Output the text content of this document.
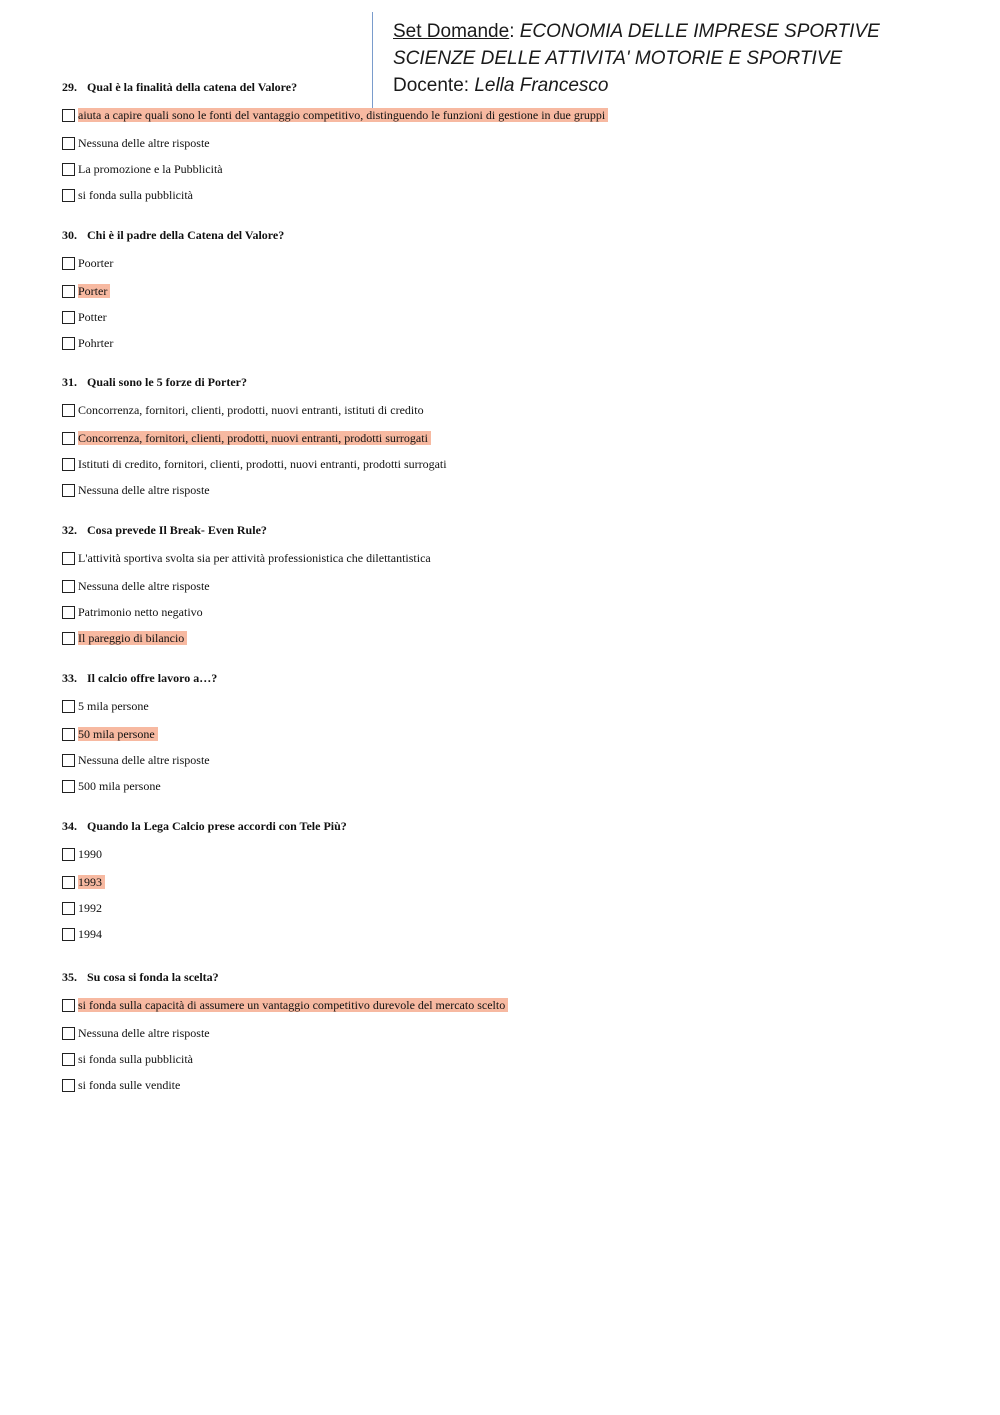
Set Domande: ECONOMIA DELLE IMPRESE SPORTIVE
SCIENZE DELLE ATTIVITA' MOTORIE E SPORTIVE
Docente: Lella Francesco
29. Qual è la finalità della catena del Valore?
aiuta a capire quali sono le fonti del vantaggio competitivo, distinguendo le funzioni di gestione in due gruppi
Nessuna delle altre risposte
La promozione e la Pubblicità
si fonda sulla pubblicità
30. Chi è il padre della Catena del Valore?
Poorter
Porter
Potter
Pohrter
31. Quali sono le 5 forze di Porter?
Concorrenza, fornitori, clienti, prodotti, nuovi entranti, istituti di credito
Concorrenza, fornitori, clienti, prodotti, nuovi entranti, prodotti surrogati
Istituti di credito, fornitori, clienti, prodotti, nuovi entranti, prodotti surrogati
Nessuna delle altre risposte
32. Cosa prevede Il Break- Even Rule?
L'attività sportiva svolta sia per attività professionistica che dilettantistica
Nessuna delle altre risposte
Patrimonio netto negativo
Il pareggio di bilancio
33. Il calcio offre lavoro a…?
5 mila persone
50 mila persone
Nessuna delle altre risposte
500 mila persone
34. Quando la Lega Calcio prese accordi con Tele Più?
1990
1993
1992
1994
35. Su cosa si fonda la scelta?
si fonda sulla capacità di assumere un vantaggio competitivo durevole del mercato scelto
Nessuna delle altre risposte
si fonda sulla pubblicità
si fonda sulle vendite
